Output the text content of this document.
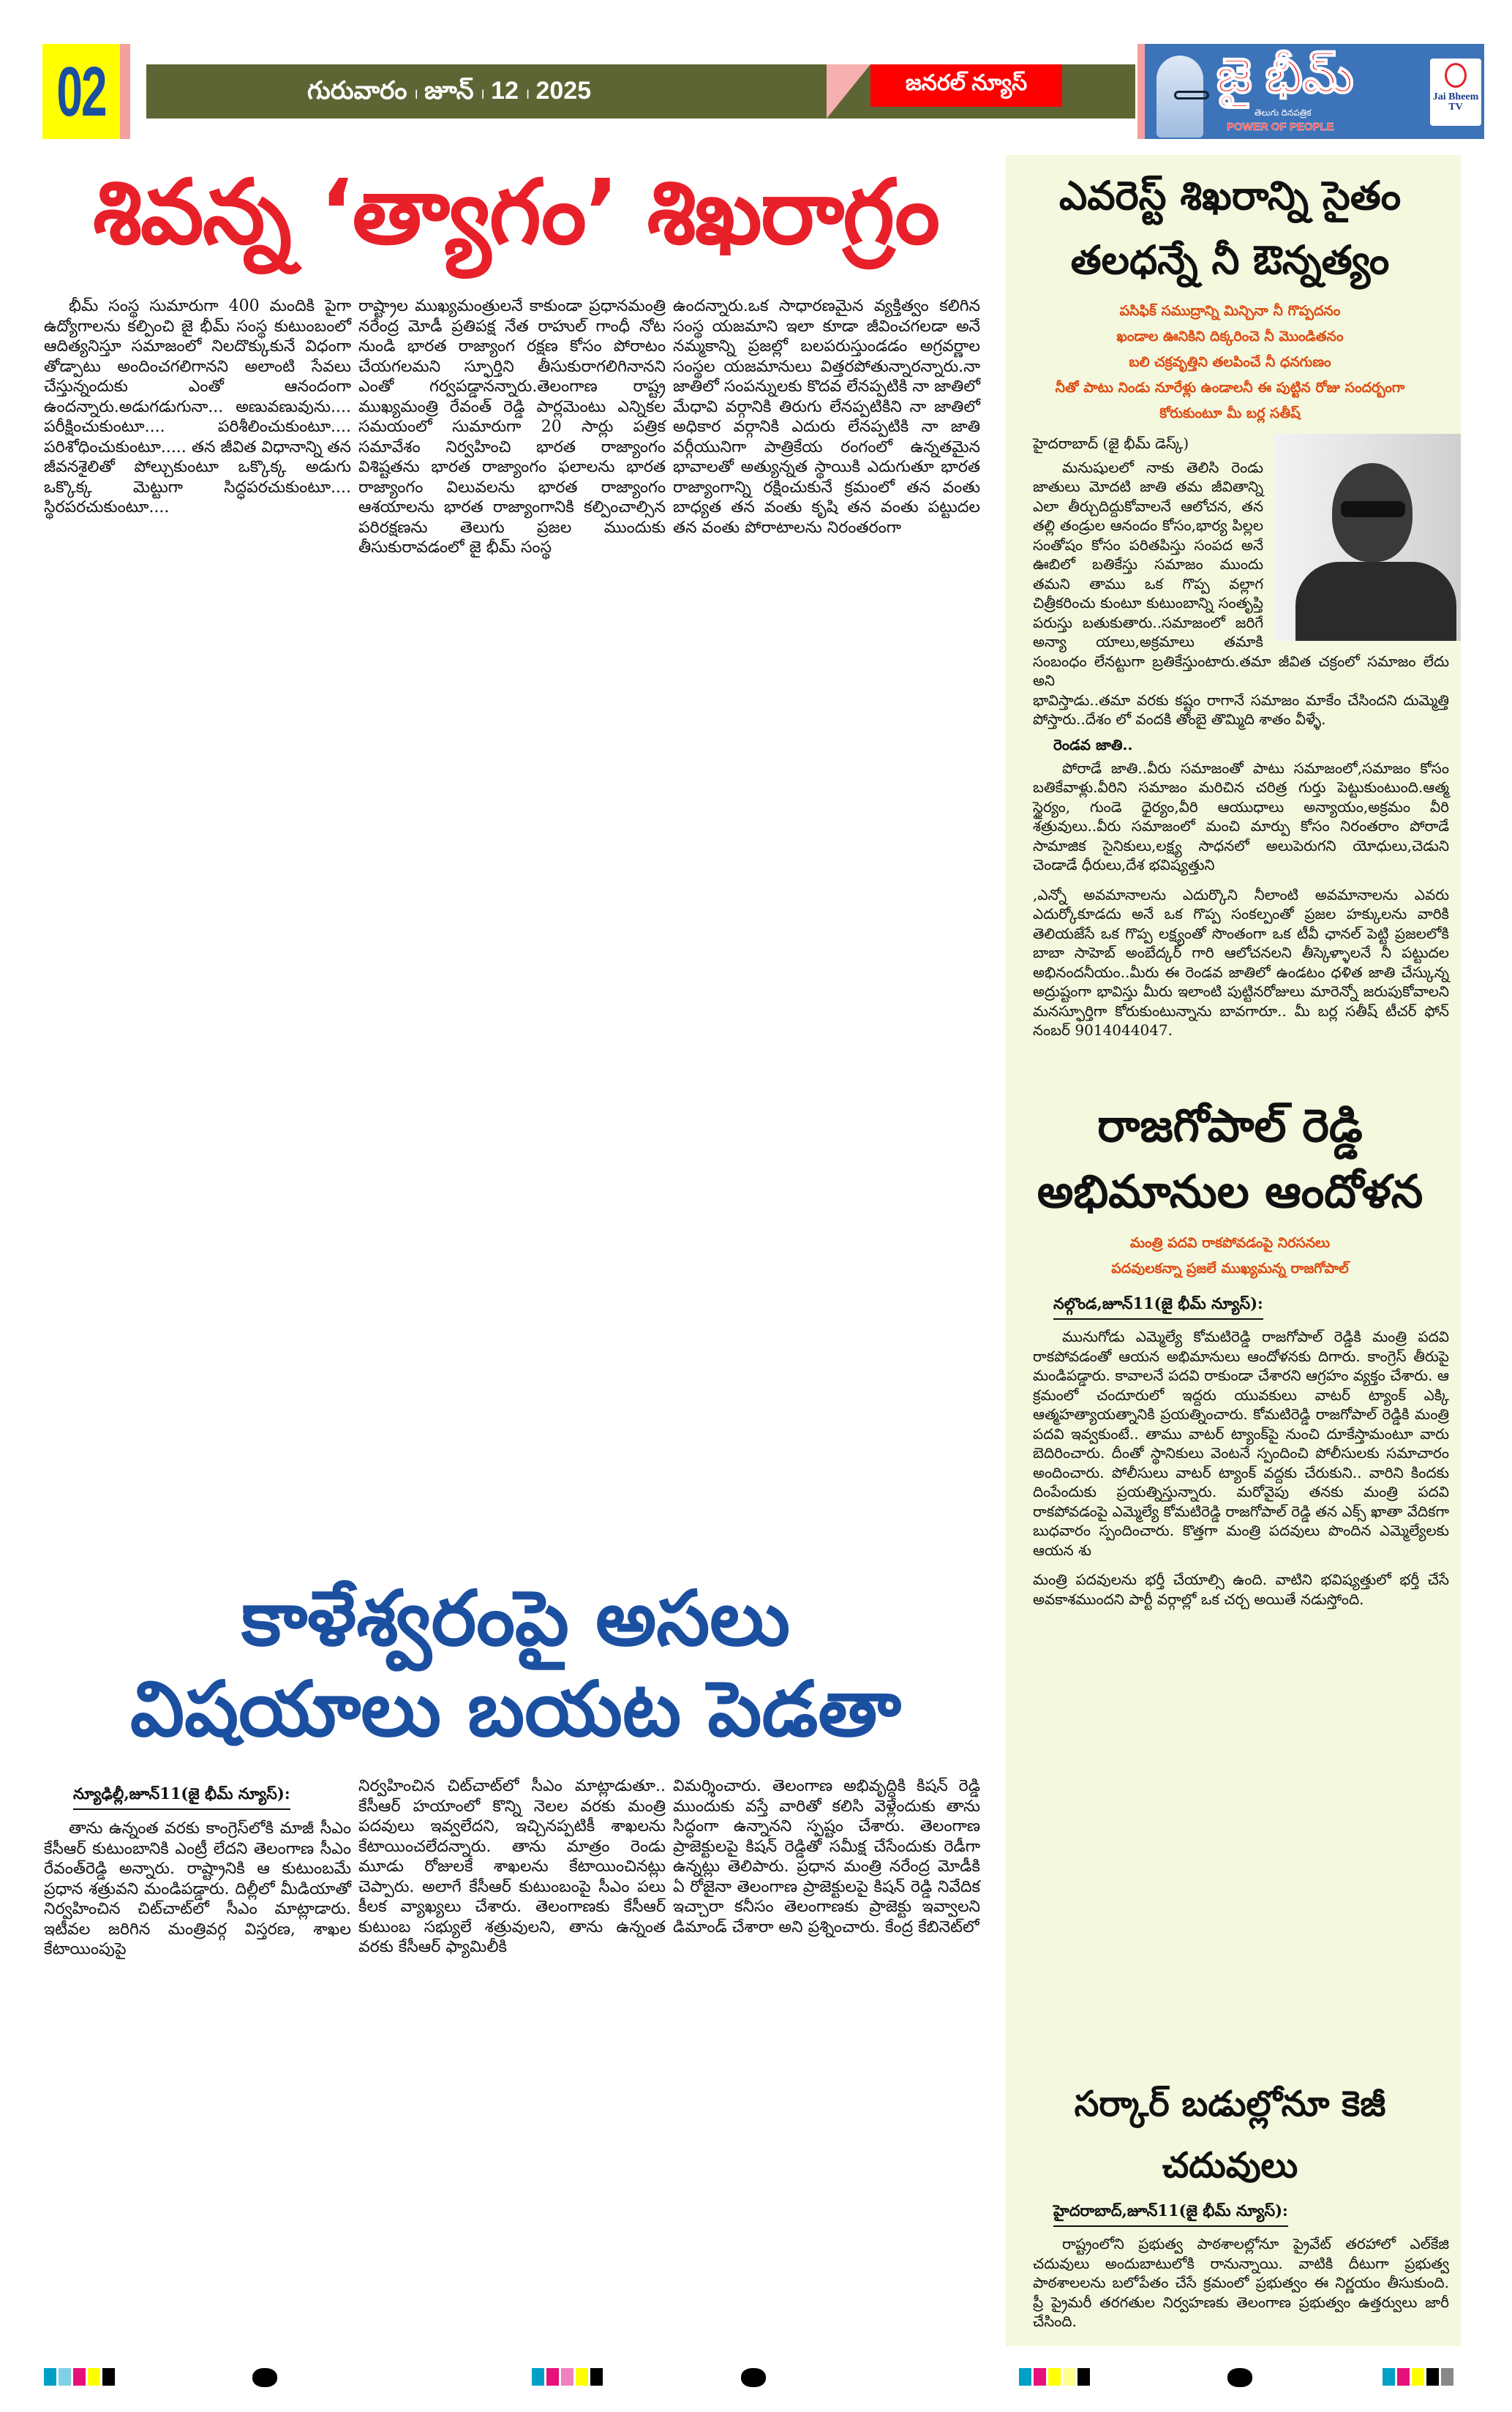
02	గురువారం । జూన్ । 12 । 2025	జనరల్ న్యూస్	జై భీమ్
తెలుగు దినపత్రిక
POWER OF PEOPLE
Jai Bheem TV
శివన్న ‘త్యాగం’ శిఖరాగ్రం
భీమ్ సంస్థ సుమారుగా 400 మందికి పైగా ఉద్యోగాలను కల్పించి జై భీమ్ సంస్థ కుటుంబంలో ఆదిత్యనిస్తూ సమాజంలో నిలదొక్కుకునే విధంగా తోడ్పాటు అందించగలిగానని అలాంటి సేవలు చేస్తున్నందుకు ఎంతో ఆనందంగా ఉందన్నారు.అడుగడుగునా... అణువణువును.... పరీక్షించుకుంటూ.... పరిశీలించుకుంటూ.... పరిశోధించుకుంటూ..... తన జీవిత విధానాన్ని తన జీవనశైలితో పోల్చుకుంటూ ఒక్కొక్క అడుగు ఒక్కొక్క మెట్టుగా సిద్ధపరచుకుంటూ.... స్థిరపరచుకుంటూ....
రాష్ట్రాల ముఖ్యమంత్రులనే కాకుండా ప్రధానమంత్రి నరేంద్ర మోడీ ప్రతిపక్ష నేత రాహుల్ గాంధీ నోట నుండి భారత రాజ్యాంగ రక్షణ కోసం పోరాటం చేయగలమని స్ఫూర్తిని తీసుకురాగలిగినానని ఎంతో గర్వపడ్డానన్నారు.తెలంగాణ రాష్ట్ర ముఖ్యమంత్రి రేవంత్ రెడ్డి పార్లమెంటు ఎన్నికల సమయంలో సుమారుగా 20 సార్లు పత్రిక సమావేశం నిర్వహించి భారత రాజ్యాంగం విశిష్టతను భారత రాజ్యాంగం ఫలాలను భారత రాజ్యాంగం విలువలను భారత రాజ్యాంగం ఆశయాలను భారత రాజ్యాంగానికి కల్పించాల్సిన పరిరక్షణను తెలుగు ప్రజల ముందుకు తీసుకురావడంలో జై భీమ్ సంస్థ
ఉందన్నారు.ఒక సాధారణమైన వ్యక్తిత్వం కలిగిన సంస్థ యజమాని ఇలా కూడా జీవించగలడా అనే నమ్మకాన్ని ప్రజల్లో బలపరుస్తుండడం అగ్రవర్ణాల సంస్థల యజమానులు విత్తరపోతున్నారన్నారు.నా జాతిలో సంపన్నులకు కొదవ లేనప్పటికి నా జాతిలో మేధావి వర్గానికి తిరుగు లేనప్పటికిని నా జాతిలో అధికార వర్గానికి ఎదురు లేనప్పటికి నా జాతి వర్గీయునిగా పాత్రికేయ రంగంలో ఉన్నతమైన భావాలతో అత్యున్నత స్థాయికి ఎదుగుతూ భారత రాజ్యాంగాన్ని రక్షించుకునే క్రమంలో తన వంతు బాధ్యత తన వంతు కృషి తన వంతు పట్టుదల తన వంతు పోరాటాలను నిరంతరంగా
కాళేశ్వరంపై అసలు
విషయాలు బయట పెడతా
న్యూఢిల్లీ,జూన్11(జై భీమ్ న్యూస్):
తాను ఉన్నంత వరకు కాంగ్రెస్‌లోకి మాజీ సీఎం కేసీఆర్ కుటుంబానికి ఎంట్రీ లేదని తెలంగాణ సీఎం రేవంత్‌రెడ్డి అన్నారు. రాష్ట్రానికి ఆ కుటుంబమే ప్రధాన శత్రువని మండిపడ్డారు. దిల్లీలో మీడియాతో నిర్వహించిన చిట్‌చాట్‌లో సీఎం మాట్లాడారు. ఇటీవల జరిగిన మంత్రివర్గ విస్తరణ, శాఖల కేటాయింపుపై
నిర్వహించిన చిట్‌చాట్‌లో సీఎం మాట్లాడుతూ.. కేసీఆర్ హయాంలో కొన్ని నెలల వరకు మంత్రి పదవులు ఇవ్వలేదని, ఇచ్చినప్పటికీ శాఖలను కేటాయించలేదన్నారు. తాను మాత్రం రెండు మూడు రోజులకే శాఖలను కేటాయించినట్లు చెప్పారు. అలాగే కేసీఆర్ కుటుంబంపై సీఎం పలు కీలక వ్యాఖ్యలు చేశారు. తెలంగాణకు కేసీఆర్ కుటుంబ సభ్యులే శత్రువులని, తాను ఉన్నంత వరకు కేసీఆర్ ఫ్యామిలీకి
విమర్శించారు. తెలంగాణ అభివృద్ధికి కిషన్ రెడ్డి ముందుకు వస్తే వారితో కలిసి వెళ్లేందుకు తాను సిద్ధంగా ఉన్నానని స్పష్టం చేశారు. తెలంగాణ ప్రాజెక్టులపై కిషన్ రెడ్డితో సమీక్ష చేసేందుకు రెడీగా ఉన్నట్లు తెలిపారు. ప్రధాన మంత్రి నరేంద్ర మోడీకి ఏ రోజైనా తెలంగాణ ప్రాజెక్టులపై కిషన్ రెడ్డి నివేదిక ఇచ్చారా కనీసం తెలంగాణకు ప్రాజెక్టు ఇవ్వాలని డిమాండ్ చేశారా అని ప్రశ్నించారు. కేంద్ర కేబినెట్‌లో
ఎవరెస్ట్ శిఖరాన్ని సైతం
తలధన్నే నీ ఔన్నత్యం
పసిఫిక్ సముద్రాన్ని మిన్చినా నీ గొప్పదనం
ఖండాల ఊనికిని దిక్కరించె నీ మొండితనం
బలి చక్రవృత్తిని తలపించే నీ ధనగుణం
నీతో పాటు నిండు నూరేళ్లు ఉండాలనీ ఈ పుట్టిన రోజు సందర్బంగా
కోరుకుంటూ మీ బర్ల సతీష్
హైదరాబాద్ (జై భీమ్ డెస్క్)
మనుషులలో నాకు తెలిసి రెండు జాతులు మోదటి జాతి తమ జీవితాన్ని ఎలా తీర్చుదిద్దుకోవాలనే ఆలోచన, తన తల్లి తండ్రుల ఆనందం కోసం,భార్య పిల్లల సంతోషం కోసం పరితపిస్తు సంపద అనే ఊబిలో బతికేస్తు సమాజం ముందు తమని తాము ఒక గొప్ప వల్లాగ చిత్రీకరించు కుంటూ కుటుంబాన్ని సంతృప్తి పరుస్తు బతుకుతారు..సమాజంలో జరిగే అన్యా యాలు,అక్రమాలు తమాకి సంబంధం లేనట్టుగా బ్రతికేస్తుంటారు.తమా జీవిత చక్రంలో సమాజం లేదు అని
భావిస్తాడు..తమా వరకు కష్టం రాగానే సమాజం మాకేం చేసిందని దుమ్మెత్తి పోస్తారు..దేశం లో వందకి తోంబై తొమ్మిది శాతం వీళ్ళే.
రెండవ జాతి..
పోరాడే జాతి..వీరు సమాజంతో పాటు సమాజంలో,సమాజం కోసం బతికేవాళ్లు.వీరిని సమాజం మరిచిన చరిత్ర గుర్తు పెట్టుకుంటుంది.ఆత్మ స్థైర్యం, గుండె ధైర్యం,వీరి ఆయుధాలు అన్యాయం,అక్రమం వీరి శత్రువులు..వీరు సమాజంలో మంచి మార్పు కోసం నిరంతరాం పోరాడే సామాజిక సైనికులు,లక్ష్య సాధనలో అలుపెరుగని యోధులు,చెడుని చెండాడే ధీరులు,దేశ భవిష్యత్తుని
,ఎన్నో అవమానాలను ఎదుర్కొని నీలాంటి అవమానాలను ఎవరు ఎదుర్కోకూడదు అనే ఒక గొప్ప సంకల్పంతో ప్రజల హక్కులను వారికి తెలియజేసే ఒక గొప్ప లక్ష్యంతో సొంతంగా ఒక టీవీ ఛానల్ పెట్టి ప్రజలలోకి బాబా సాహెబ్ అంబేద్కర్ గారి ఆలోచనలని తీస్కెళ్ళాలనే నీ పట్టుదల అభినందనీయం..మీరు ఈ రెండవ జాతిలో ఉండటం ధళిత జాతి చేస్కున్న అద్రుష్టంగా భావిస్తు మీరు ఇలాంటి పుట్టినరోజులు మారెన్నో జరుపుకోవాలని మనస్ఫూర్తిగా కోరుకుంటున్నాను బావగారూ.. మీ బర్ల సతీష్ టీచర్ ఫోన్ నంబర్ 9014044047.
రాజగోపాల్ రెడ్డి
అభిమానుల ఆందోళన
మంత్రి పదవి రాకపోవడంపై నిరసనలు
పదవులకన్నా ప్రజలే ముఖ్యమన్న రాజగోపాల్
నల్గొండ,జూన్11(జై భీమ్ న్యూస్):
మునుగోడు ఎమ్మెల్యే కోమటిరెడ్డి రాజగోపాల్ రెడ్డికి మంత్రి పదవి రాకపోవడంతో ఆయన అభిమానులు ఆందోళనకు దిగారు. కాంగ్రెస్ తీరుపై మండిపడ్డారు. కావాలనే పదవి రాకుండా చేశారని ఆగ్రహం వ్యక్తం చేశారు. ఆ క్రమంలో చందూరులో ఇద్దరు యువకులు వాటర్ ట్యాంక్ ఎక్కి ఆత్మహత్యాయత్నానికి ప్రయత్నించారు. కోమటిరెడ్డి రాజగోపాల్ రెడ్డికి మంత్రి పదవి ఇవ్వకుంటే.. తాము వాటర్ ట్యాంక్‌పై నుంచి దూకేస్తామంటూ వారు బెదిరించారు. దీంతో స్థానికులు వెంటనే స్పందించి పోలీసులకు సమాచారం అందించారు. పోలీసులు వాటర్ ట్యాంక్ వద్దకు చేరుకుని.. వారిని కిందకు దింపేందుకు ప్రయత్నిస్తున్నారు. మరోవైపు తనకు మంత్రి పదవి రాకపోవడంపై ఎమ్మెల్యే కోమటిరెడ్డి రాజగోపాల్ రెడ్డి తన ఎక్స్ ఖాతా వేదికగా బుధవారం స్పందించారు. కొత్తగా మంత్రి పదవులు పొందిన ఎమ్మెల్యేలకు ఆయన శు
మంత్రి పదవులను భర్తీ చేయాల్సి ఉంది. వాటిని భవిష్యత్తులో భర్తీ చేసే అవకాశముందని పార్టీ వర్గాల్లో ఒక చర్చ అయితే నడుస్తోంది.
సర్కార్ బడుల్లోనూ కెజీ చదువులు
హైదరాబాద్,జూన్11(జై భీమ్ న్యూస్):
రాష్ట్రంలోని ప్రభుత్వ పాఠశాలల్లోనూ ప్రైవేట్ తరహాలో ఎల్‌కేజి చదువులు అందుబాటులోకి రానున్నాయి. వాటికి దీటుగా ప్రభుత్వ పాఠశాలలను బలోపేతం చేసే క్రమంలో ప్రభుత్వం ఈ నిర్ణయం తీసుకుంది. ప్రీ ప్రైమరీ తరగతుల నిర్వహణకు తెలంగాణ ప్రభుత్వం ఉత్తర్వులు జారీ చేసింది.
